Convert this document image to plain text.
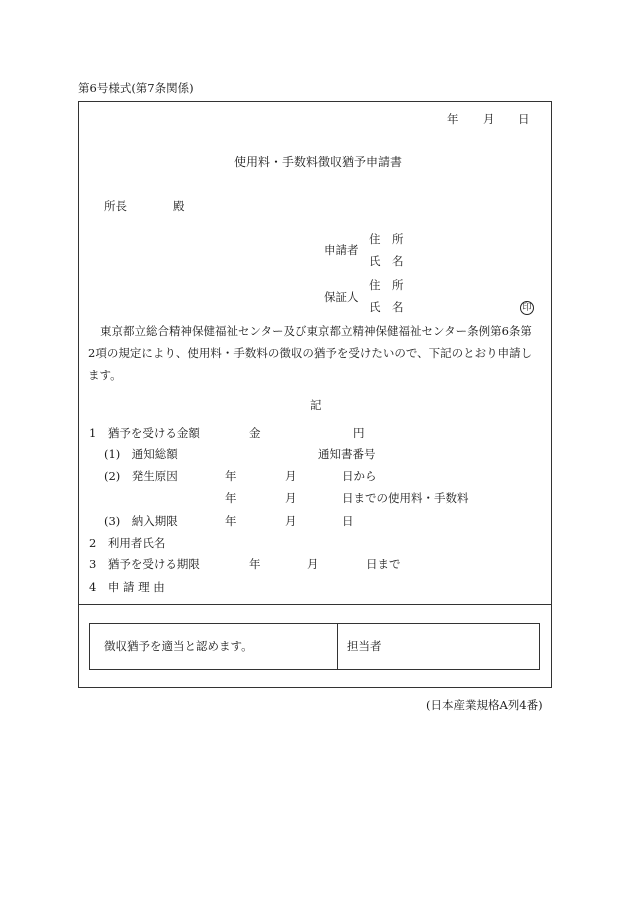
第6号様式(第7条関係)
年 月 日
使用料・手数料徴収猶予申請書
所長	殿
申請者
住　所
氏　名
保証人
住　所
氏　名	印
東京都立総合精神保健福祉センター及び東京都立精神保健福祉センター条例第6条第
2項の規定により、使用料・手数料の徴収の猶予を受けたいので、下記のとおり申請し
ます。
記
1　猶予を受ける金額	金	円
(1)　通知総額	通知書番号
(2)　発生原因	年	月	日から
年	月	日までの使用料・手数料
(3)　納入期限	年	月	日
2　利用者氏名
3　猶予を受ける期限	年	月	日まで
4　申 請 理 由
徴収猶予を適当と認めます。	担当者
(日本産業規格A列4番)
